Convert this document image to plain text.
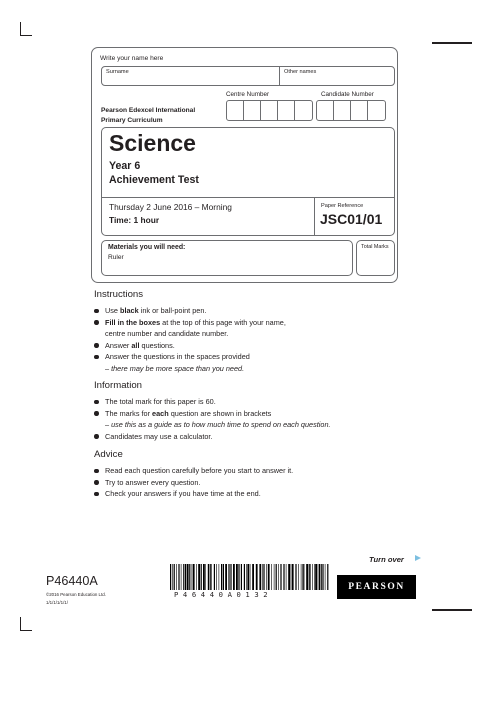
Write your name here
Surname	Other names
Pearson Edexcel International
Primary Curriculum
Centre Number	Candidate Number
Science
Year 6
Achievement Test
Thursday 2 June 2016 – Morning
Time: 1 hour
Paper Reference
JSC01/01
Materials you will need:
Ruler
Total Marks
Instructions
Use black ink or ball-point pen.
Fill in the boxes at the top of this page with your name,
centre number and candidate number.
Answer all questions.
Answer the questions in the spaces provided
– there may be more space than you need.
Information
The total mark for this paper is 60.
The marks for each question are shown in brackets
– use this as a guide as to how much time to spend on each question.
Candidates may use a calculator.
Advice
Read each question carefully before you start to answer it.
Try to answer every question.
Check your answers if you have time at the end.
Turn over
P46440A
©2016 Pearson Education Ltd.
1/1/1/1/1/1/
P46440A0132
PEARSON
